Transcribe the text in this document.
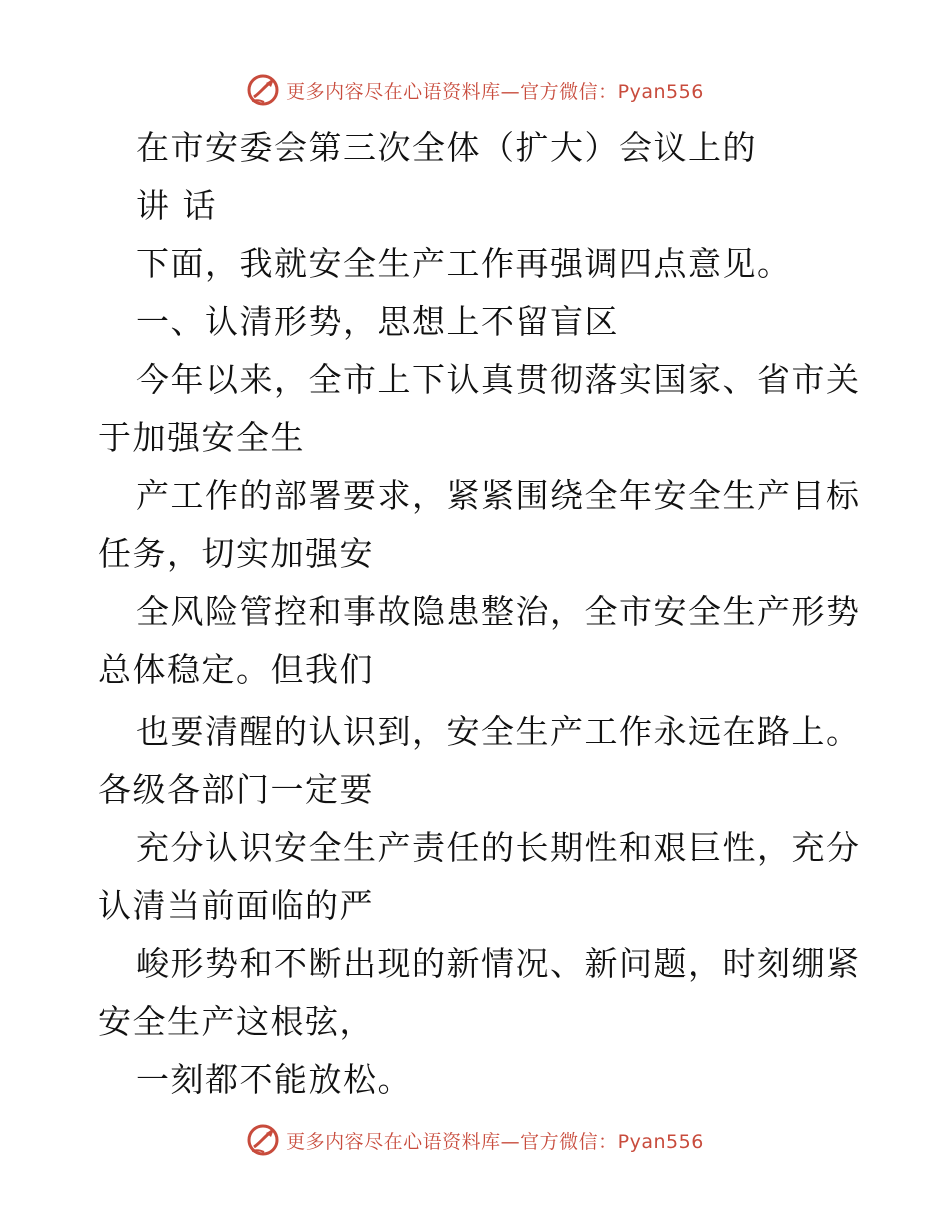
更多内容尽在心语资料库—官方微信：Pyan556
在市安委会第三次全体（扩大）会议上的
讲 话
下面，我就安全生产工作再强调四点意见。
一、认清形势，思想上不留盲区
今年以来，全市上下认真贯彻落实国家、省市关
于加强安全生
产工作的部署要求，紧紧围绕全年安全生产目标
任务，切实加强安
全风险管控和事故隐患整治，全市安全生产形势
总体稳定。但我们
也要清醒的认识到，安全生产工作永远在路上。
各级各部门一定要
充分认识安全生产责任的长期性和艰巨性，充分
认清当前面临的严
峻形势和不断出现的新情况、新问题，时刻绷紧
安全生产这根弦，
一刻都不能放松。
更多内容尽在心语资料库—官方微信：Pyan556
